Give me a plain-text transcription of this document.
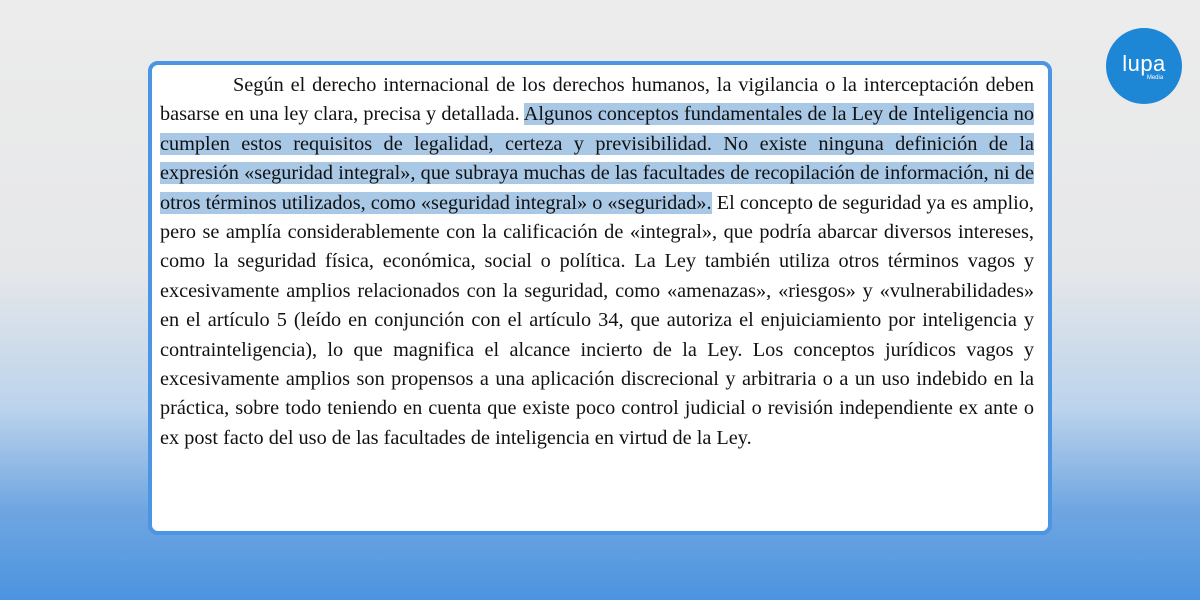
lupa
Media

Según el derecho internacional de los derechos humanos, la vigilancia o la interceptación deben basarse en una ley clara, precisa y detallada. Algunos conceptos fundamentales de la Ley de Inteligencia no cumplen estos requisitos de legalidad, certeza y previsibilidad. No existe ninguna definición de la expresión «seguridad integral», que subraya muchas de las facultades de recopilación de información, ni de otros términos utilizados, como «seguridad integral» o «seguridad». El concepto de seguridad ya es amplio, pero se amplía considerablemente con la calificación de «integral», que podría abarcar diversos intereses, como la seguridad física, económica, social o política. La Ley también utiliza otros términos vagos y excesivamente amplios relacionados con la seguridad, como «amenazas», «riesgos» y «vulnerabilidades» en el artículo 5 (leído en conjunción con el artículo 34, que autoriza el enjuiciamiento por inteligencia y contrainteligencia), lo que magnifica el alcance incierto de la Ley. Los conceptos jurídicos vagos y excesivamente amplios son propensos a una aplicación discrecional y arbitraria o a un uso indebido en la práctica, sobre todo teniendo en cuenta que existe poco control judicial o revisión independiente ex ante o ex post facto del uso de las facultades de inteligencia en virtud de la Ley.
